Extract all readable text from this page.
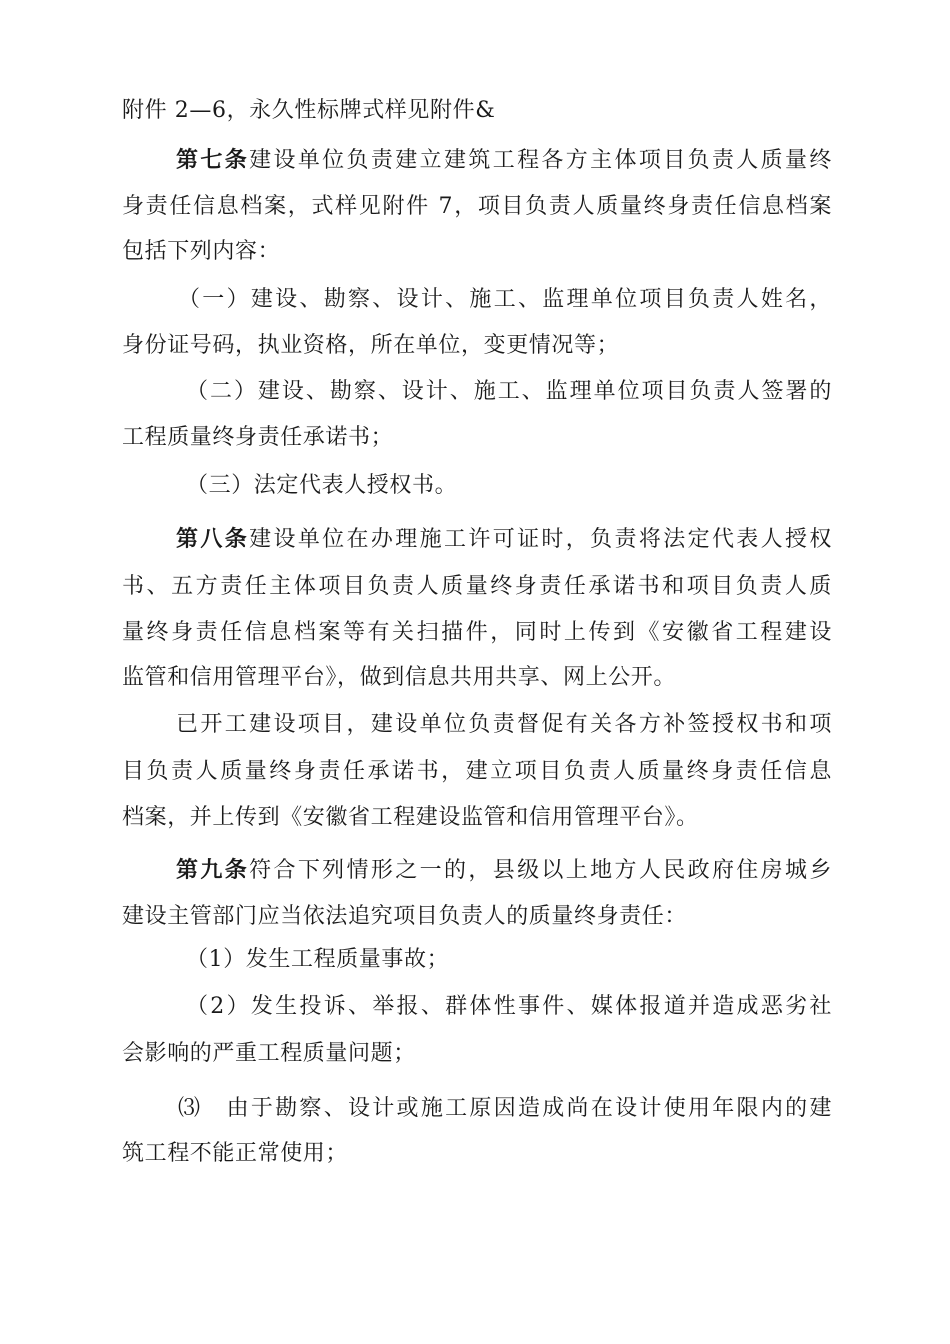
附件 2—6，永久性标牌式样见附件&
第七条建设单位负责建立建筑工程各方主体项目负责人质量终
身责任信息档案，式样见附件 7，项目负责人质量终身责任信息档案
包括下列内容：
（一）建设、勘察、设计、施工、监理单位项目负责人姓名，
身份证号码，执业资格，所在单位，变更情况等；
（二）建设、勘察、设计、施工、监理单位项目负责人签署的
工程质量终身责任承诺书；
（三）法定代表人授权书。
第八条建设单位在办理施工许可证时，负责将法定代表人授权
书、五方责任主体项目负责人质量终身责任承诺书和项目负责人质
量终身责任信息档案等有关扫描件，同时上传到《安徽省工程建设
监管和信用管理平台》，做到信息共用共享、网上公开。
已开工建设项目，建设单位负责督促有关各方补签授权书和项
目负责人质量终身责任承诺书，建立项目负责人质量终身责任信息
档案，并上传到《安徽省工程建设监管和信用管理平台》。
第九条符合下列情形之一的，县级以上地方人民政府住房城乡
建设主管部门应当依法追究项目负责人的质量终身责任：
（1）发生工程质量事故；
（2）发生投诉、举报、群体性事件、媒体报道并造成恶劣社
会影响的严重工程质量问题；
⑶　由于勘察、设计或施工原因造成尚在设计使用年限内的建
筑工程不能正常使用；
